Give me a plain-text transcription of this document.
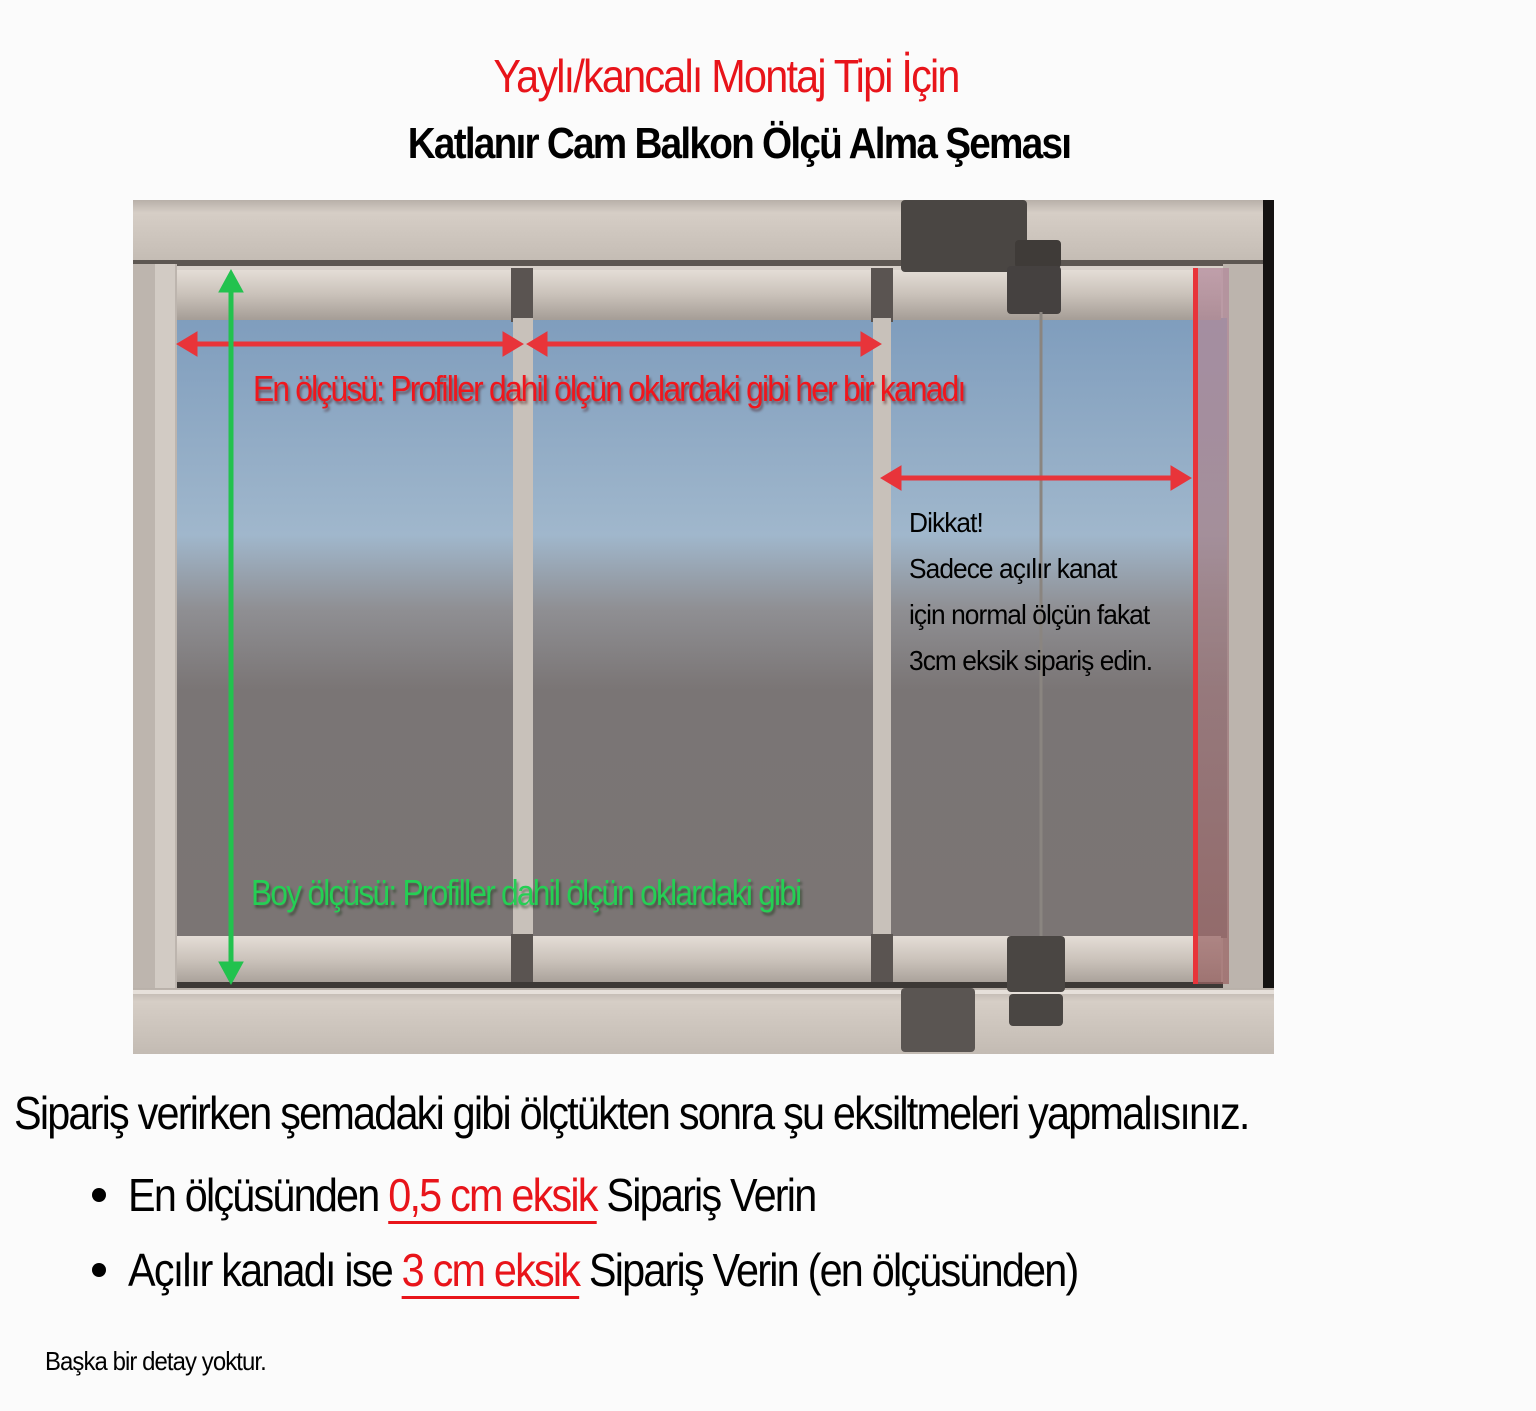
Yaylı/kancalı Montaj Tipi İçin
Katlanır Cam Balkon Ölçü Alma Şeması
En ölçüsü: Profiller dahil ölçün oklardaki gibi her bir kanadı
Boy ölçüsü: Profiller dahil ölçün oklardaki gibi
Dikkat!
Sadece açılır kanat
için normal ölçün fakat
3cm eksik sipariş edin.
Sipariş verirken şemadaki gibi ölçtükten sonra şu eksiltmeleri yapmalısınız.
En ölçüsünden 0,5 cm eksik Sipariş Verin
Açılır kanadı ise 3 cm eksik Sipariş Verin (en ölçüsünden)
Başka bir detay yoktur.
